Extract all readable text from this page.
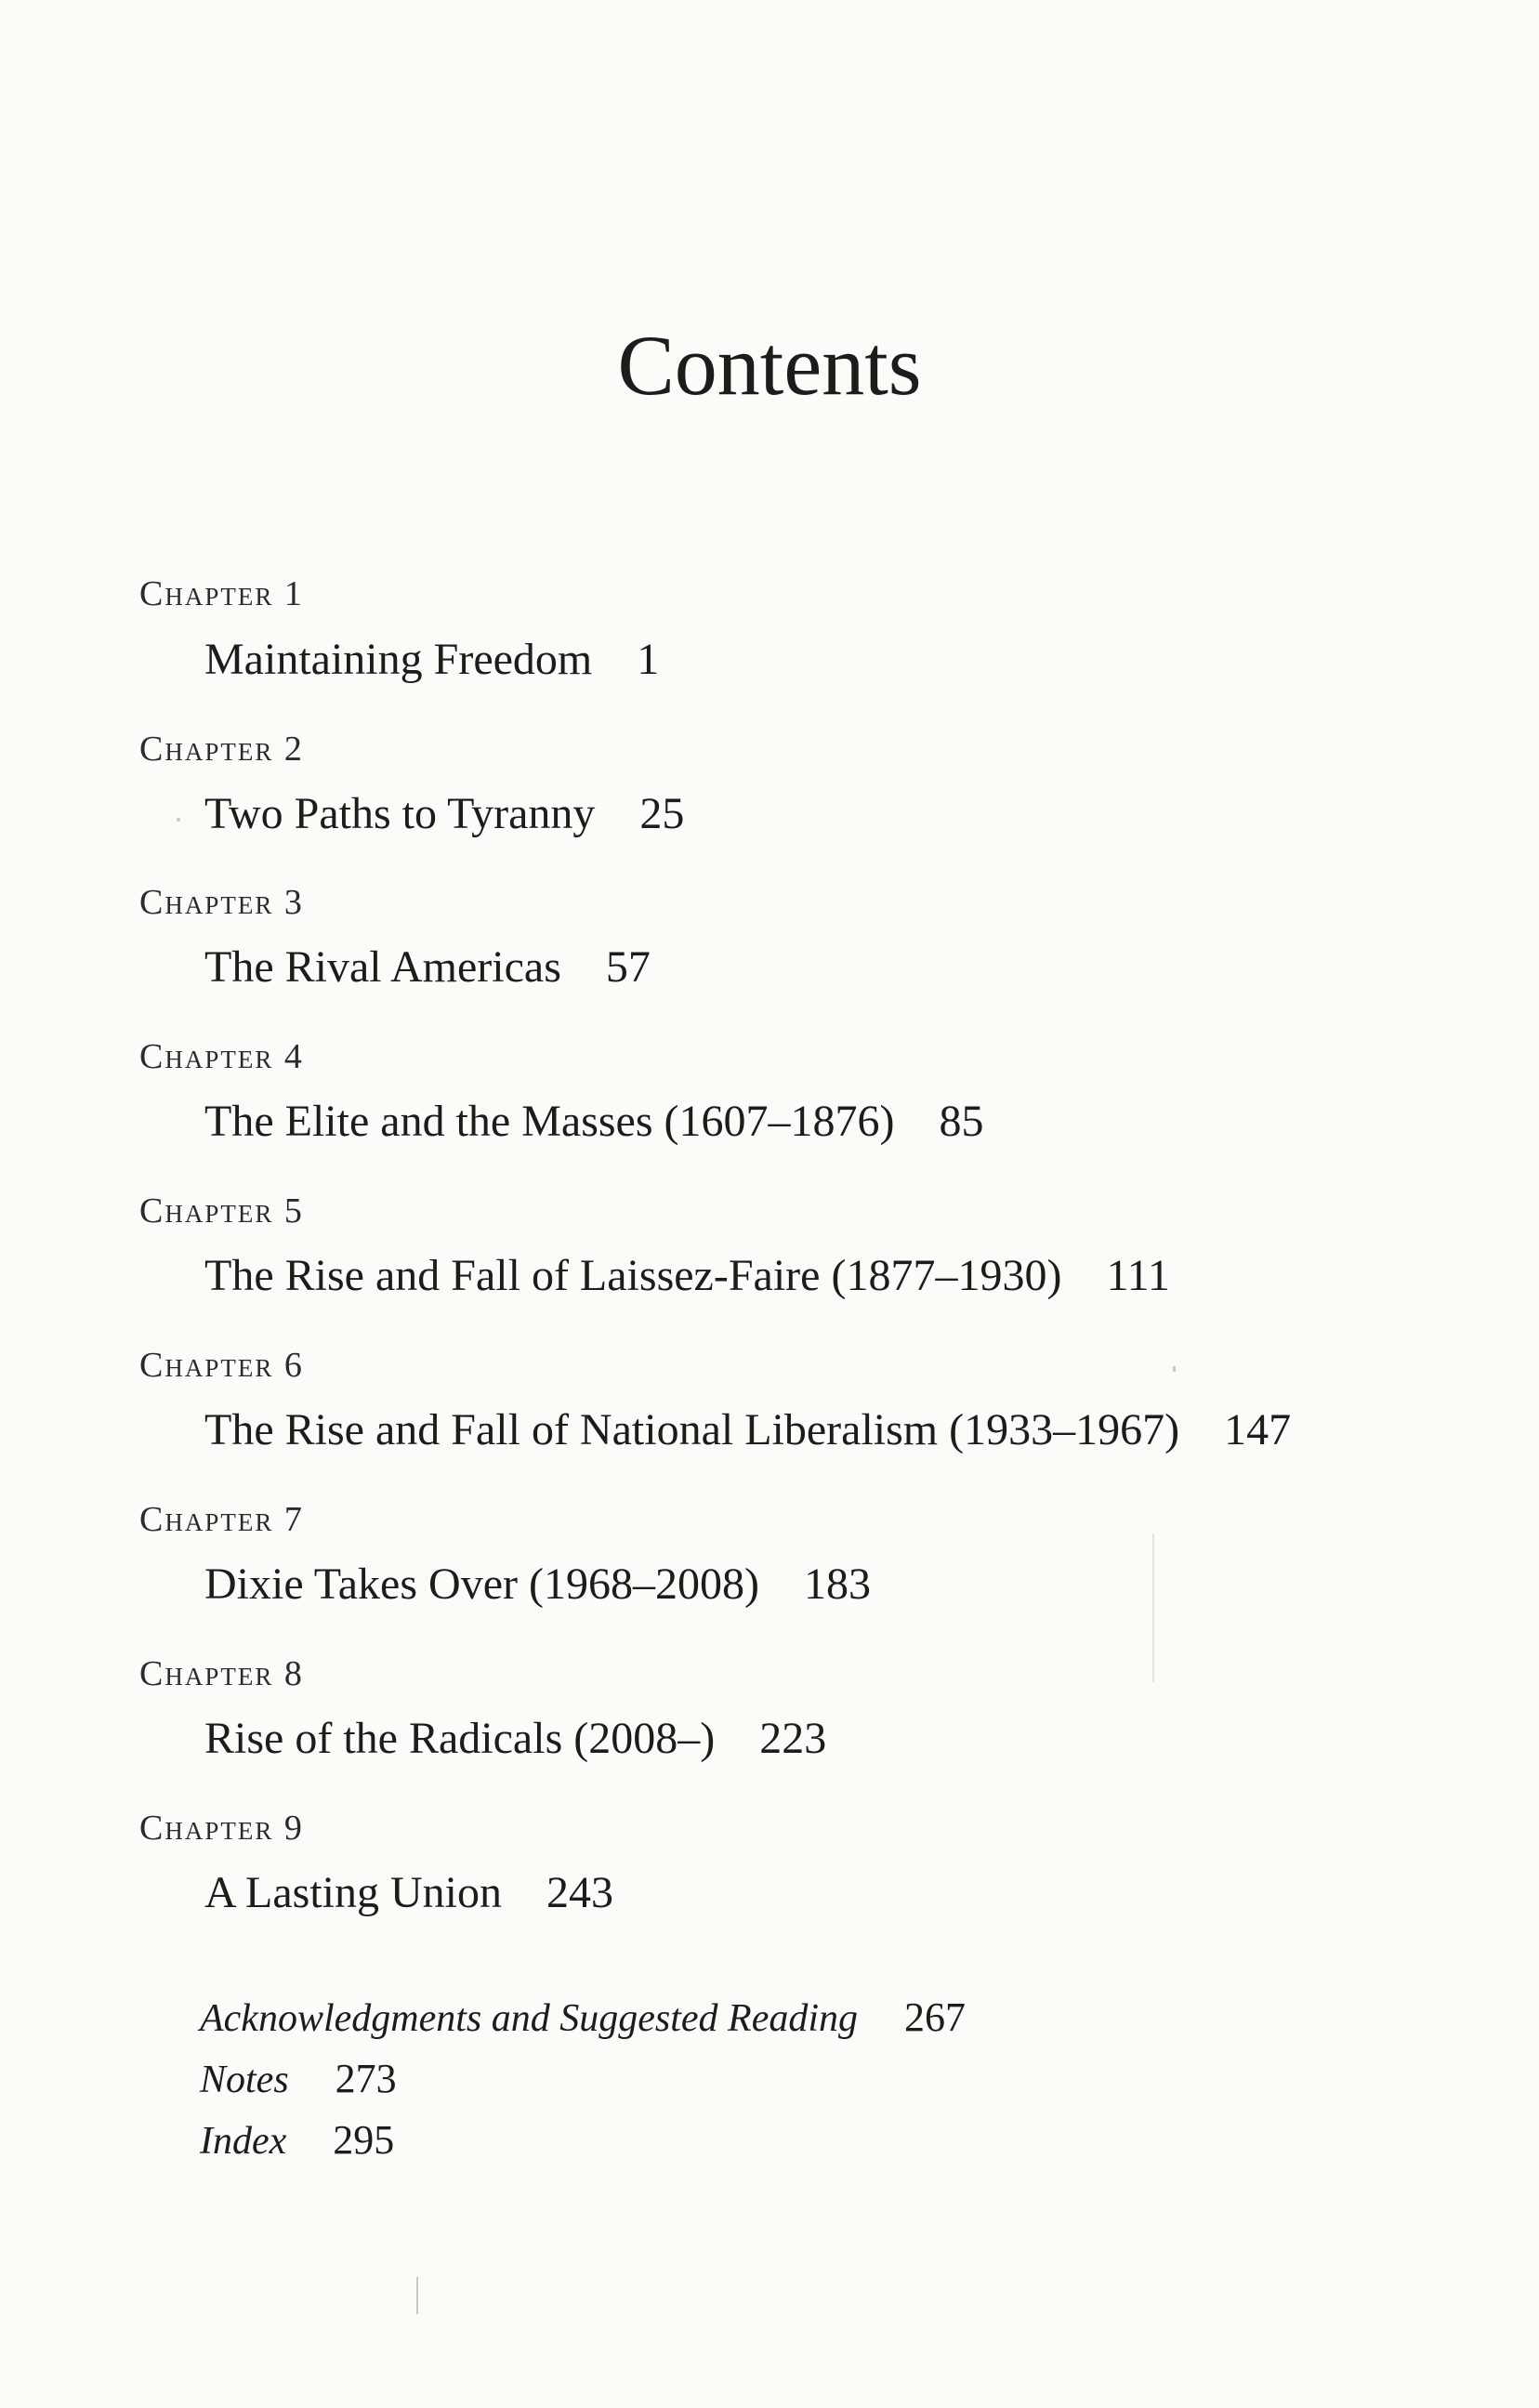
Contents
Chapter 1
Maintaining Freedom 1
Chapter 2
Two Paths to Tyranny 25
Chapter 3
The Rival Americas 57
Chapter 4
The Elite and the Masses (1607–1876) 85
Chapter 5
The Rise and Fall of Laissez-Faire (1877–1930) 111
Chapter 6
The Rise and Fall of National Liberalism (1933–1967) 147
Chapter 7
Dixie Takes Over (1968–2008) 183
Chapter 8
Rise of the Radicals (2008–) 223
Chapter 9
A Lasting Union 243
Acknowledgments and Suggested Reading 267
Notes 273
Index 295
